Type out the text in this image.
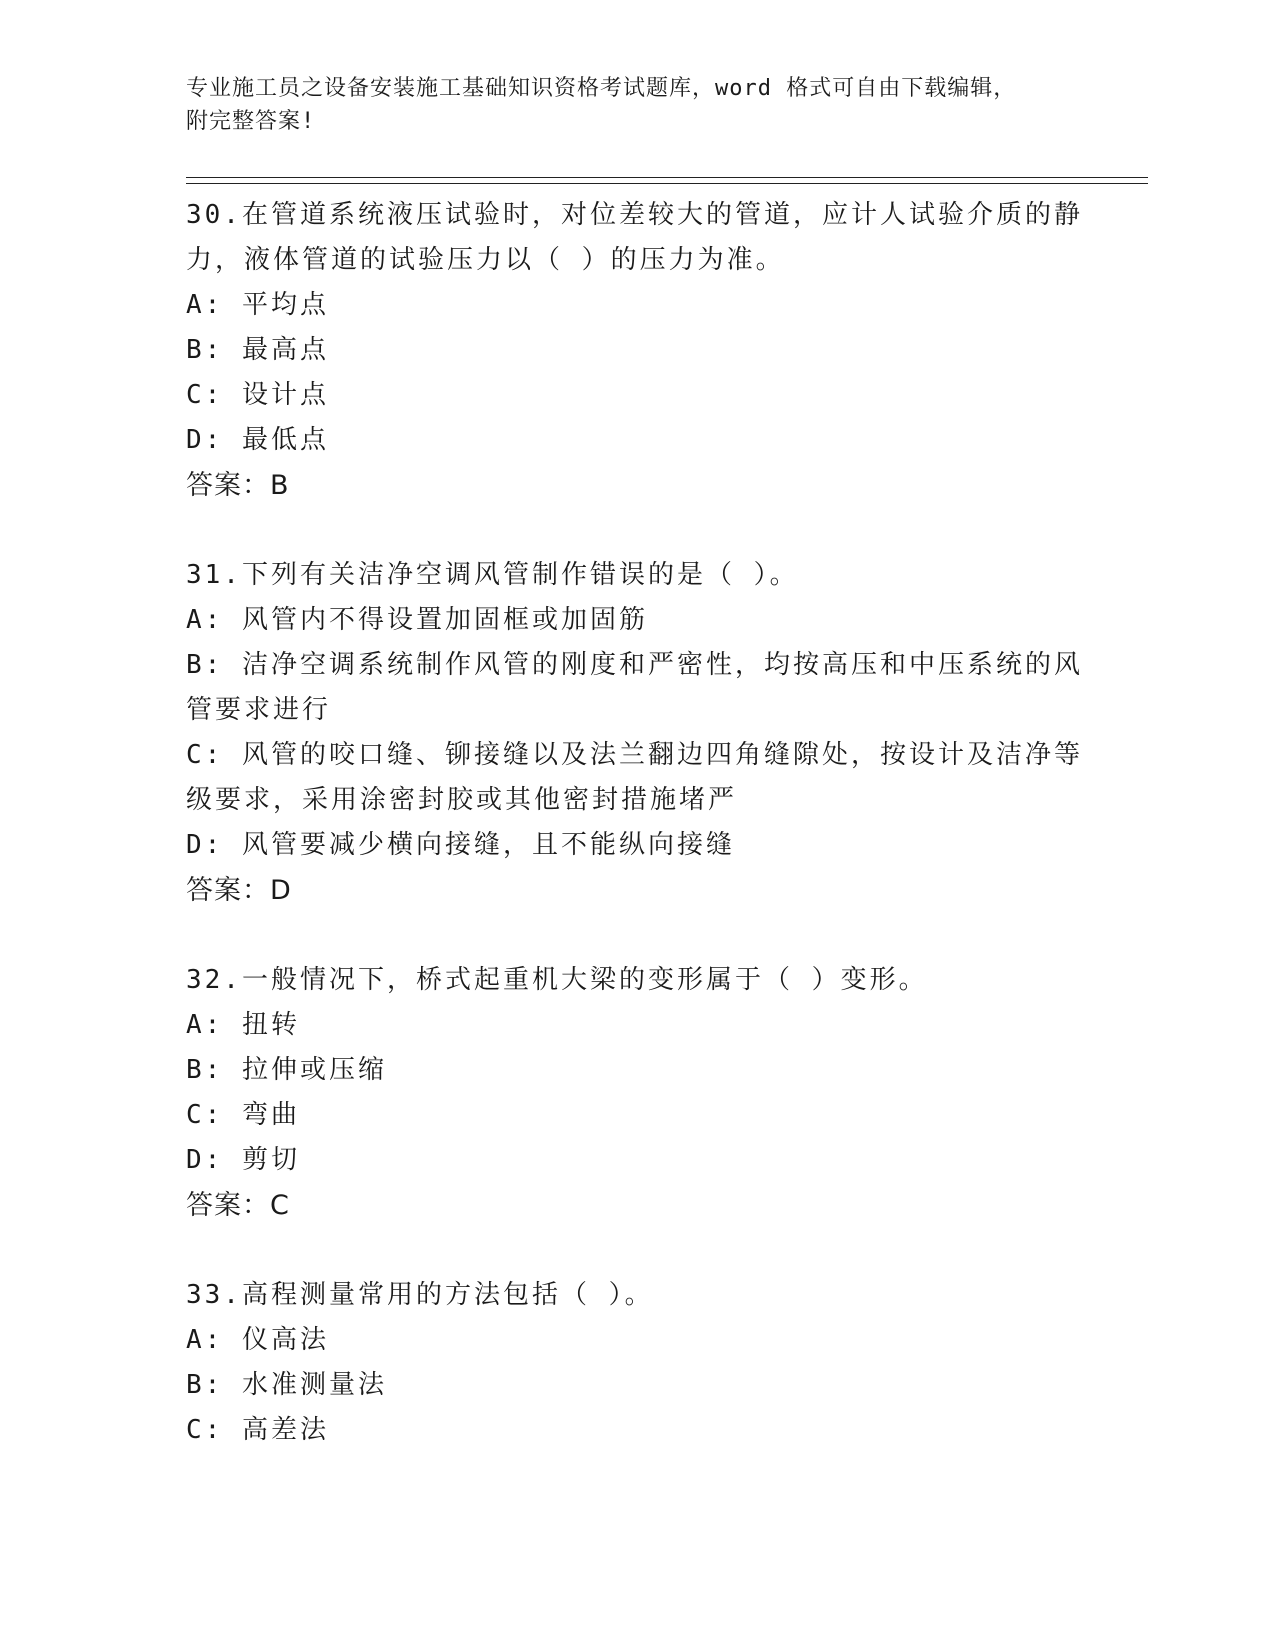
专业施工员之设备安装施工基础知识资格考试题库，word 格式可自由下载编辑，
附完整答案!
30.在管道系统液压试验时，对位差较大的管道，应计人试验介质的静力，液体管道的试验压力以（ ）的压力为准。
A: 平均点
B: 最高点
C: 设计点
D: 最低点
答案：B
31.下列有关洁净空调风管制作错误的是（ ）。
A: 风管内不得设置加固框或加固筋
B: 洁净空调系统制作风管的刚度和严密性，均按高压和中压系统的风管要求进行
C: 风管的咬口缝、铆接缝以及法兰翻边四角缝隙处，按设计及洁净等级要求，采用涂密封胶或其他密封措施堵严
D: 风管要减少横向接缝，且不能纵向接缝
答案：D
32.一般情况下，桥式起重机大梁的变形属于（ ）变形。
A: 扭转
B: 拉伸或压缩
C: 弯曲
D: 剪切
答案：C
33.高程测量常用的方法包括（ ）。
A: 仪高法
B: 水准测量法
C: 高差法
